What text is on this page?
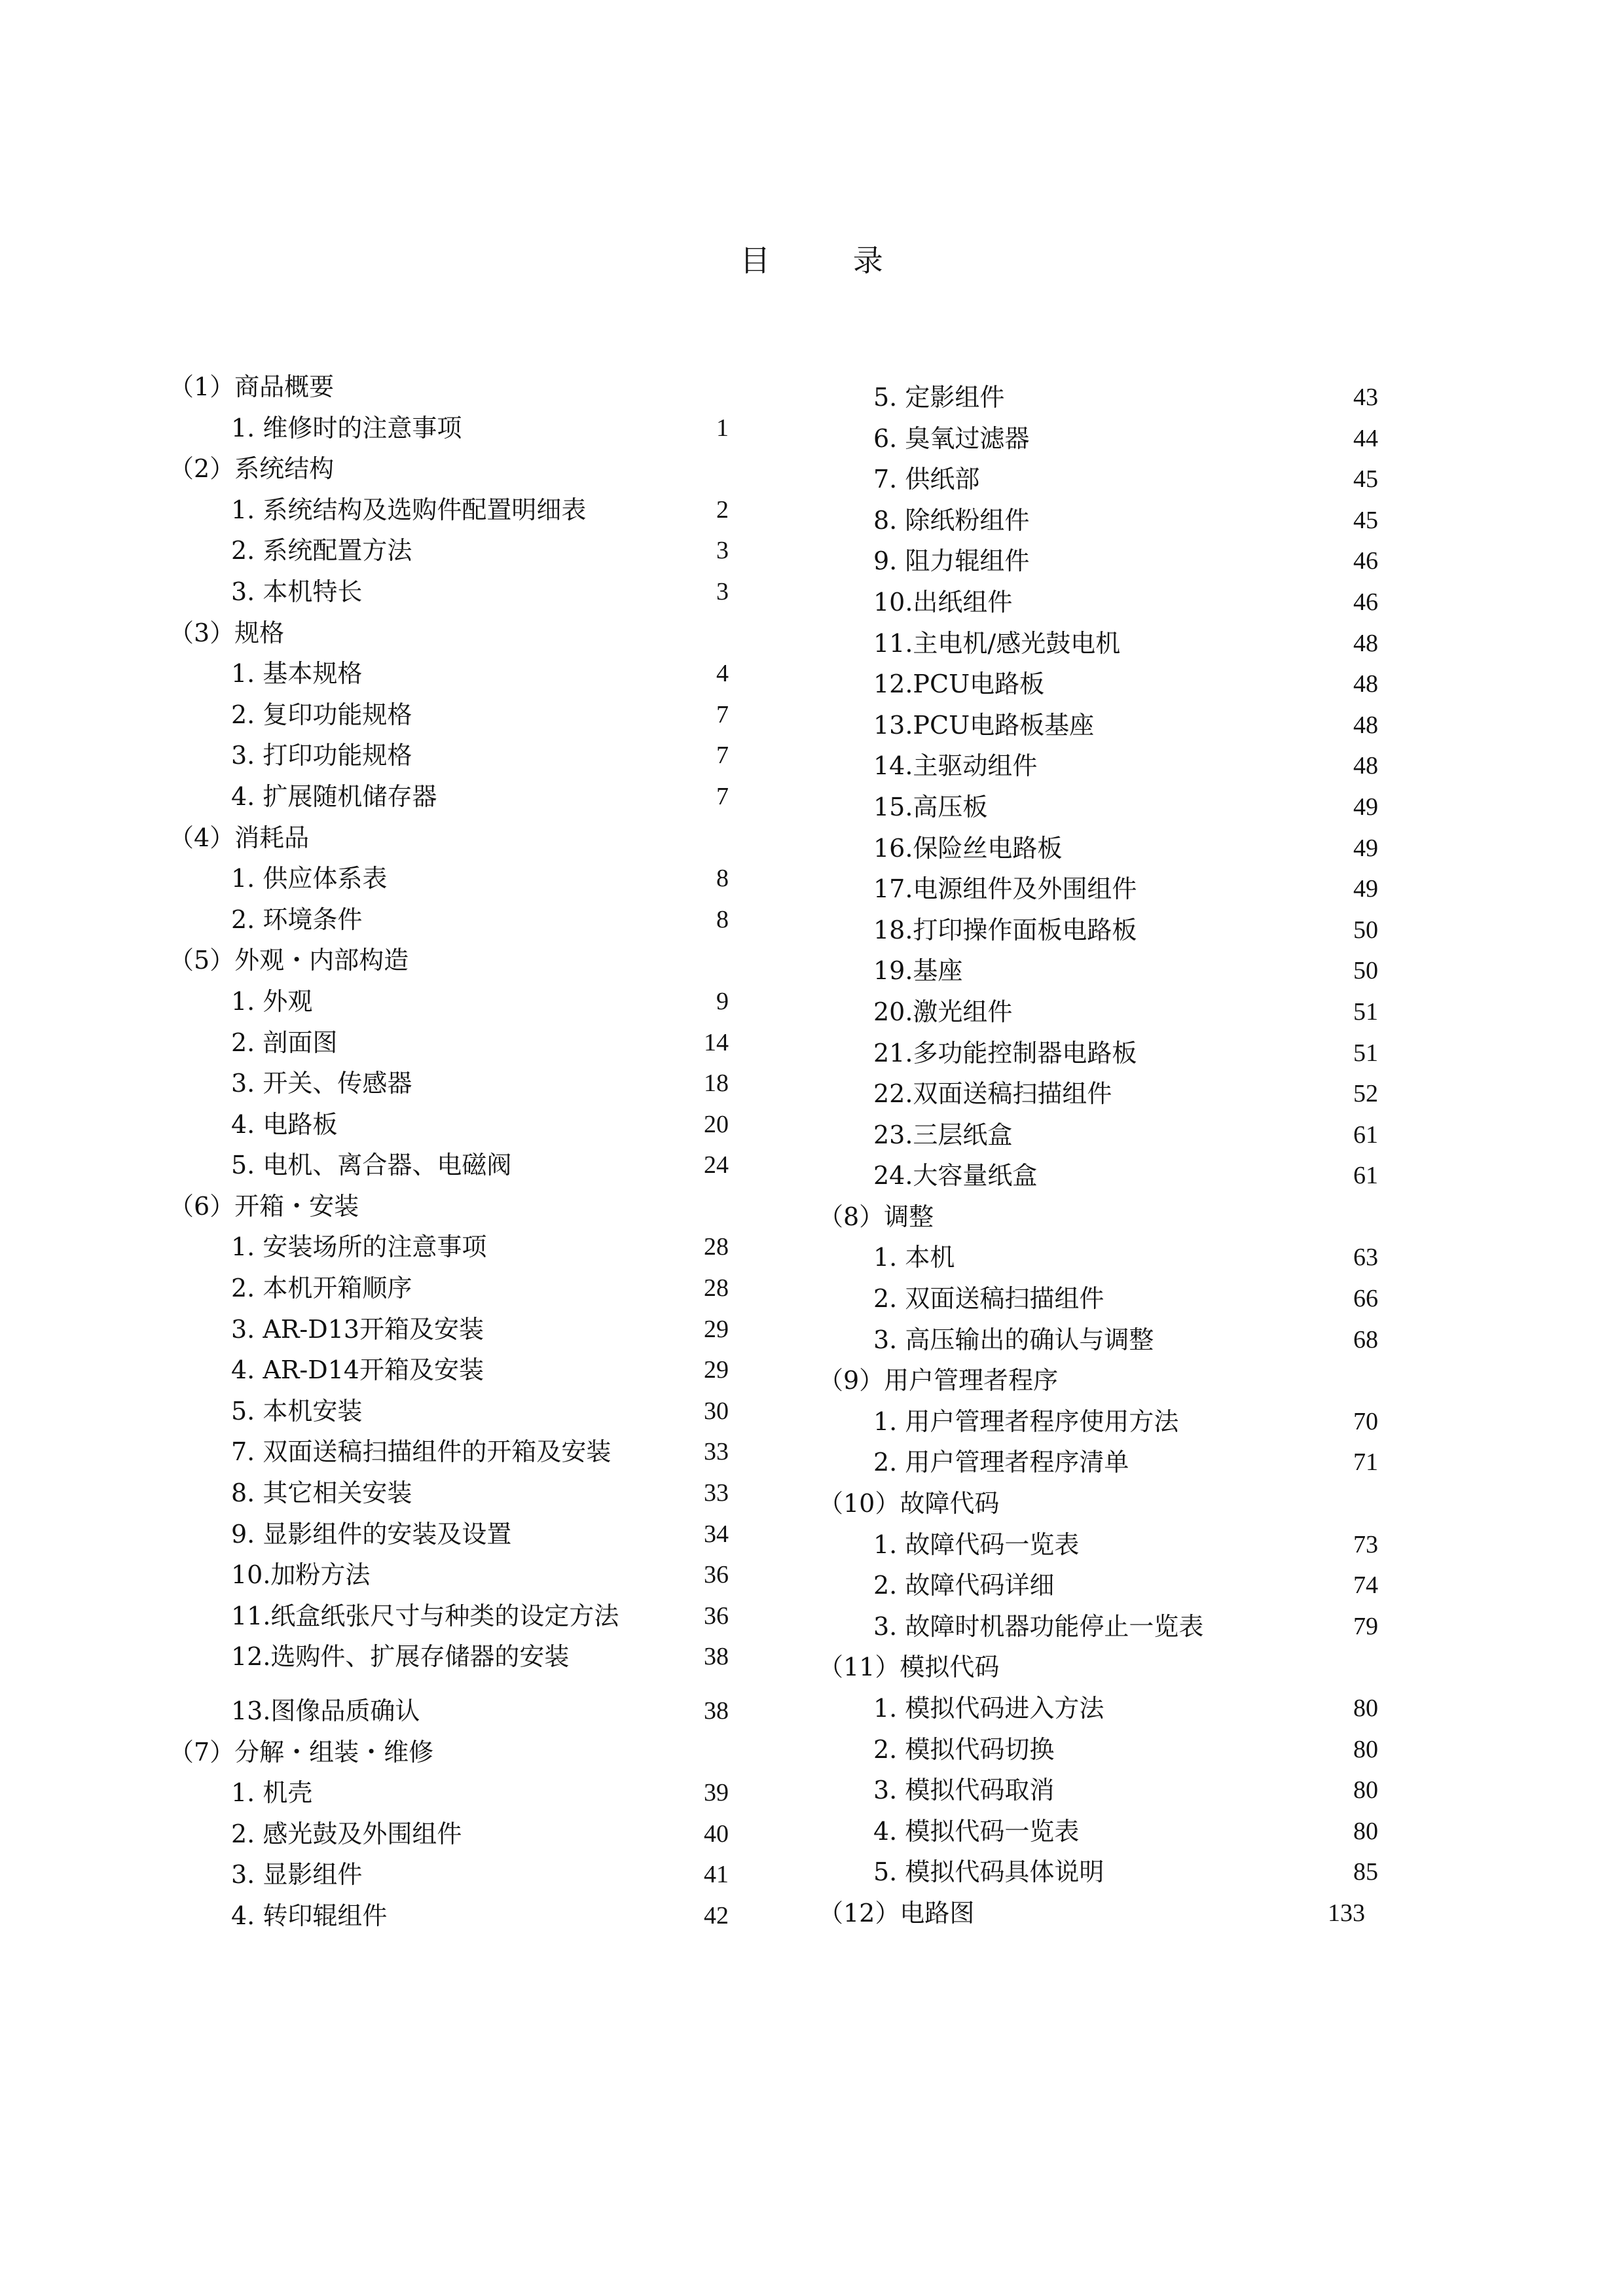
目 录
（1）商品概要
1. 维修时的注意事项	1
（2）系统结构
1. 系统结构及选购件配置明细表	2
2. 系统配置方法	3
3. 本机特长	3
（3）规格
1. 基本规格	4
2. 复印功能规格	7
3. 打印功能规格	7
4. 扩展随机储存器	7
（4）消耗品
1. 供应体系表	8
2. 环境条件	8
（5）外观・内部构造
1. 外观	9
2. 剖面图	14
3. 开关、传感器	18
4. 电路板	20
5. 电机、离合器、电磁阀	24
（6）开箱・安装
1. 安装场所的注意事项	28
2. 本机开箱顺序	28
3. AR-D13开箱及安装	29
4. AR-D14开箱及安装	29
5. 本机安装	30
7. 双面送稿扫描组件的开箱及安装	33
8. 其它相关安装	33
9. 显影组件的安装及设置	34
10.加粉方法	36
11.纸盒纸张尺寸与种类的设定方法	36
12.选购件、扩展存储器的安装	38
13.图像品质确认	38
（7）分解・组装・维修
1. 机壳	39
2. 感光鼓及外围组件	40
3. 显影组件	41
4. 转印辊组件	42
5. 定影组件	43
6. 臭氧过滤器	44
7. 供纸部	45
8. 除纸粉组件	45
9. 阻力辊组件	46
10.出纸组件	46
11.主电机/感光鼓电机	48
12.PCU电路板	48
13.PCU电路板基座	48
14.主驱动组件	48
15.高压板	49
16.保险丝电路板	49
17.电源组件及外围组件	49
18.打印操作面板电路板	50
19.基座	50
20.激光组件	51
21.多功能控制器电路板	51
22.双面送稿扫描组件	52
23.三层纸盒	61
24.大容量纸盒	61
（8）调整
1. 本机	63
2. 双面送稿扫描组件	66
3. 高压输出的确认与调整	68
（9）用户管理者程序
1. 用户管理者程序使用方法	70
2. 用户管理者程序清单	71
（10）故障代码
1. 故障代码一览表	73
2. 故障代码详细	74
3. 故障时机器功能停止一览表	79
（11）模拟代码
1. 模拟代码进入方法	80
2. 模拟代码切换	80
3. 模拟代码取消	80
4. 模拟代码一览表	80
5. 模拟代码具体说明	85
（12）电路图	133
